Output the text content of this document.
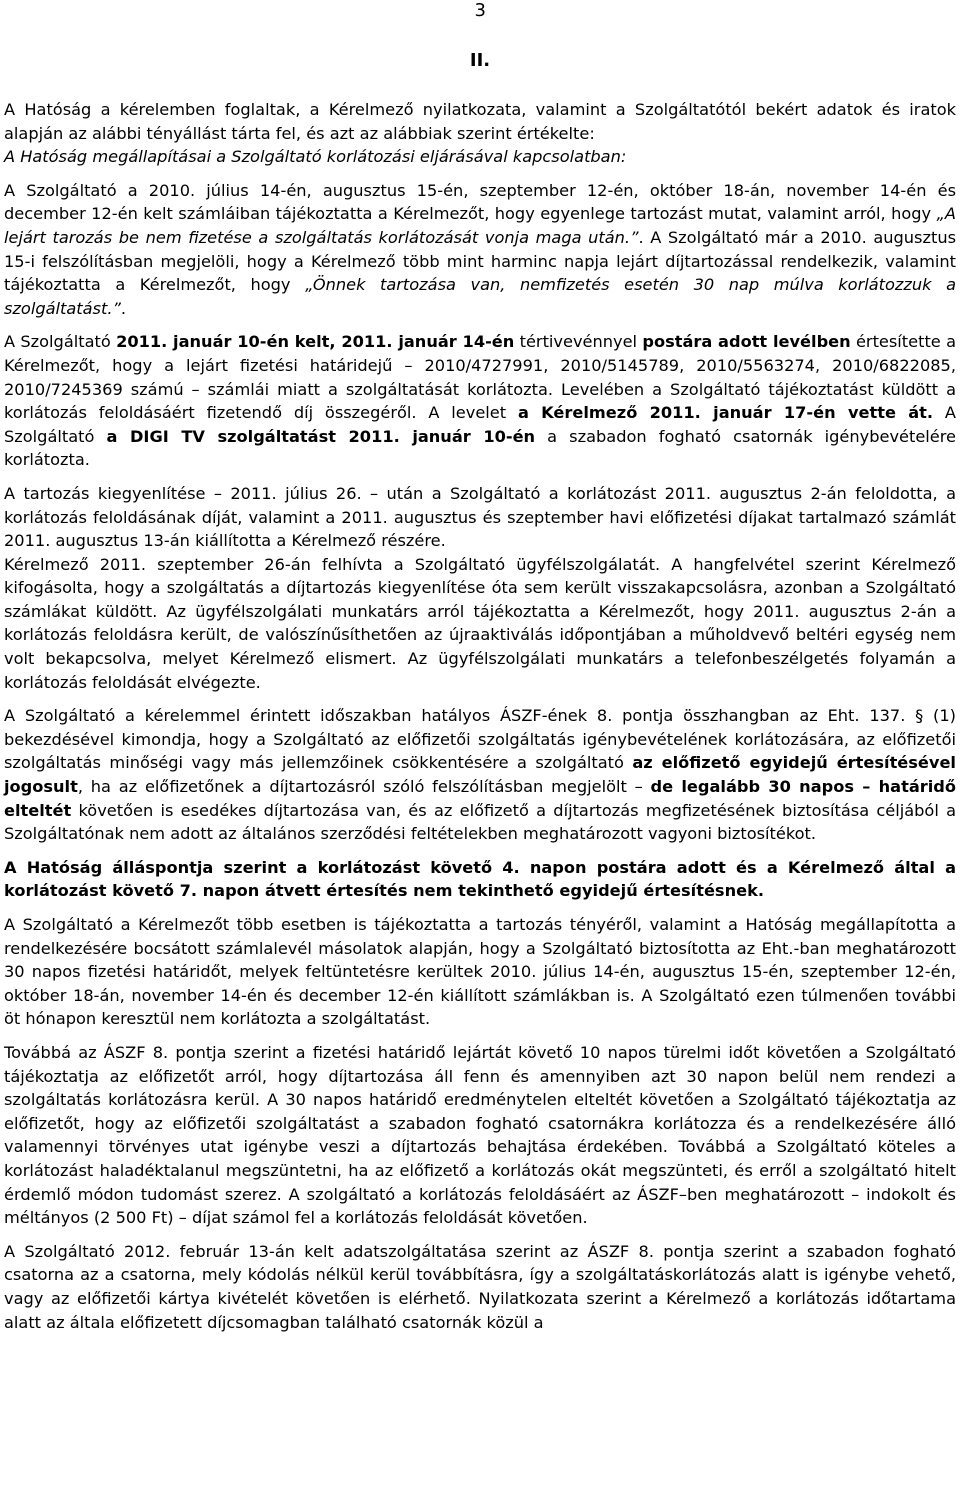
3
II.

A Hatóság a kérelemben foglaltak, a Kérelmező nyilatkozata, valamint a Szolgáltatótól bekért adatok és iratok alapján az alábbi tényállást tárta fel, és azt az alábbiak szerint értékelte:

A Hatóság megállapításai a Szolgáltató korlátozási eljárásával kapcsolatban:

A Szolgáltató a 2010. július 14-én, augusztus 15-én, szeptember 12-én, október 18-án, november 14-én és december 12-én kelt számláiban tájékoztatta a Kérelmezőt, hogy egyenlege tartozást mutat, valamint arról, hogy „A lejárt tarozás be nem fizetése a szolgáltatás korlátozását vonja maga után.”. A Szolgáltató már a 2010. augusztus 15-i felszólításban megjelöli, hogy a Kérelmező több mint harminc napja lejárt díjtartozással rendelkezik, valamint tájékoztatta a Kérelmezőt, hogy „Önnek tartozása van, nemfizetés esetén 30 nap múlva korlátozzuk a szolgáltatást.”.

A Szolgáltató 2011. január 10-én kelt, 2011. január 14-én tértivevénnyel postára adott levélben értesítette a Kérelmezőt, hogy a lejárt fizetési határidejű – 2010/4727991, 2010/5145789, 2010/5563274, 2010/6822085, 2010/7245369 számú – számlái miatt a szolgáltatását korlátozta. Levelében a Szolgáltató tájékoztatást küldött a korlátozás feloldásáért fizetendő díj összegéről. A levelet a Kérelmező 2011. január 17-én vette át. A Szolgáltató a DIGI TV szolgáltatást 2011. január 10-én a szabadon fogható csatornák igénybevételére korlátozta.

A tartozás kiegyenlítése – 2011. július 26. – után a Szolgáltató a korlátozást 2011. augusztus 2-án feloldotta, a korlátozás feloldásának díját, valamint a 2011. augusztus és szeptember havi előfizetési díjakat tartalmazó számlát 2011. augusztus 13-án kiállította a Kérelmező részére.

Kérelmező 2011. szeptember 26-án felhívta a Szolgáltató ügyfélszolgálatát. A hangfelvétel szerint Kérelmező kifogásolta, hogy a szolgáltatás a díjtartozás kiegyenlítése óta sem került visszakapcsolásra, azonban a Szolgáltató számlákat küldött. Az ügyfélszolgálati munkatárs arról tájékoztatta a Kérelmezőt, hogy 2011. augusztus 2-án a korlátozás feloldásra került, de valószínűsíthetően az újraaktiválás időpontjában a műholdvevő beltéri egység nem volt bekapcsolva, melyet Kérelmező elismert. Az ügyfélszolgálati munkatárs a telefonbeszélgetés folyamán a korlátozás feloldását elvégezte.

A Szolgáltató a kérelemmel érintett időszakban hatályos ÁSZF-ének 8. pontja összhangban az Eht. 137. § (1) bekezdésével kimondja, hogy a Szolgáltató az előfizetői szolgáltatás igénybevételének korlátozására, az előfizetői szolgáltatás minőségi vagy más jellemzőinek csökkentésére a szolgáltató az előfizető egyidejű értesítésével jogosult, ha az előfizetőnek a díjtartozásról szóló felszólításban megjelölt – de legalább 30 napos – határidő elteltét követően is esedékes díjtartozása van, és az előfizető a díjtartozás megfizetésének biztosítása céljából a Szolgáltatónak nem adott az általános szerződési feltételekben meghatározott vagyoni biztosítékot.

A Hatóság álláspontja szerint a korlátozást követő 4. napon postára adott és a Kérelmező által a korlátozást követő 7. napon átvett értesítés nem tekinthető egyidejű értesítésnek.

A Szolgáltató a Kérelmezőt több esetben is tájékoztatta a tartozás tényéről, valamint a Hatóság megállapította a rendelkezésére bocsátott számlalevél másolatok alapján, hogy a Szolgáltató biztosította az Eht.-ban meghatározott 30 napos fizetési határidőt, melyek feltüntetésre kerültek 2010. július 14-én, augusztus 15-én, szeptember 12-én, október 18-án, november 14-én és december 12-én kiállított számlákban is. A Szolgáltató ezen túlmenően további öt hónapon keresztül nem korlátozta a szolgáltatást.

Továbbá az ÁSZF 8. pontja szerint a fizetési határidő lejártát követő 10 napos türelmi időt követően a Szolgáltató tájékoztatja az előfizetőt arról, hogy díjtartozása áll fenn és amennyiben azt 30 napon belül nem rendezi a szolgáltatás korlátozásra kerül. A 30 napos határidő eredménytelen elteltét követően a Szolgáltató tájékoztatja az előfizetőt, hogy az előfizetői szolgáltatást a szabadon fogható csatornákra korlátozza és a rendelkezésére álló valamennyi törvényes utat igénybe veszi a díjtartozás behajtása érdekében. Továbbá a Szolgáltató köteles a korlátozást haladéktalanul megszüntetni, ha az előfizető a korlátozás okát megszünteti, és erről a szolgáltató hitelt érdemlő módon tudomást szerez. A szolgáltató a korlátozás feloldásáért az ÁSZF–ben meghatározott – indokolt és méltányos (2 500 Ft) – díjat számol fel a korlátozás feloldását követően.

A Szolgáltató 2012. február 13-án kelt adatszolgáltatása szerint az ÁSZF 8. pontja szerint a szabadon fogható csatorna az a csatorna, mely kódolás nélkül kerül továbbításra, így a szolgáltatáskorlátozás alatt is igénybe vehető, vagy az előfizetői kártya kivételét követően is elérhető. Nyilatkozata szerint a Kérelmező a korlátozás időtartama alatt az általa előfizetett díjcsomagban található csatornák közül a
